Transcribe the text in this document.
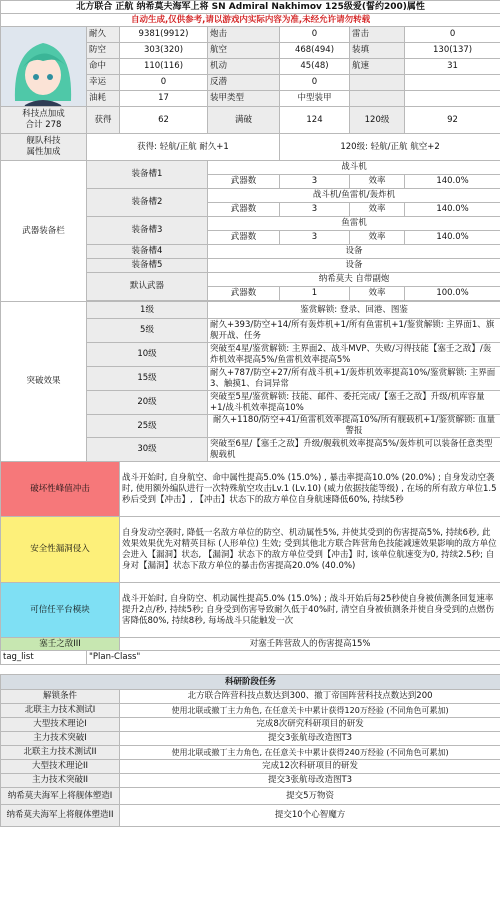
北方联合 正航 纳希莫夫海军上将 SN Admiral Nakhimov 125级爱(誓约200)属性						
自动生成,仅供参考,请以游戏内实际内容为准,未经允许请勿转载						

	耐久	9381(9912)	炮击	0	雷击	0
	防空	303(320)	航空	468(494)	装填	130(137)
	命中	110(116)	机动	45(48)	航速	31
	幸运	0	反潜	0		
	油耗	17	装甲类型	中型装甲		
科技点加成
合计 278	获得	62	满破	124	120级	92
舰队科技
属性加成	获得: 轻航/正航 耐久+1			120级: 轻航/正航 航空+2		
武器装备栏	装备槽1		战斗机			
			武器数	3	效率	140.0%
	装备槽2		战斗机/鱼雷机/轰炸机			
			武器数	3	效率	140.0%
	装备槽3		鱼雷机			
			武器数	3	效率	140.0%
	装备槽4		设备			
	装备槽5		设备			
	默认武器		纳希莫夫 自带副炮			
			武器数	1	效率	100.0%

突破效果	1级		鉴赏解锁: 登录、回港、图鉴			
	5级		耐久+393/防空+14/所有轰炸机+1/所有鱼雷机+1/鉴赏解锁: 主界面1、旗舰开战、任务			
	10级		突破至4星/鉴赏解锁: 主界面2、战斗MVP、失败/习得技能【塞壬之敌】/轰炸机效率提高5%/鱼雷机效率提高5%			
	15级		耐久+787/防空+27/所有战斗机+1/轰炸机效率提高10%/鉴赏解锁: 主界面3、触摸1、台词异常			
	20级		突破至5星/鉴赏解锁: 技能、邮件、委托完成/【塞壬之敌】升级/机库容量+1/战斗机效率提高10%			
	25级		耐久+1180/防空+41/鱼雷机效率提高10%/所有舰载机+1/鉴赏解锁: 血量警报			
	30级		突破至6星/【塞壬之敌】升级/舰载机效率提高5%/轰炸机可以装备任意类型舰载机			
破坏性峰值冲击		战斗开始时, 自身航空、命中属性提高5.0% (15.0%) , 暴击率提高10.0% (20.0%) ; 自身发动空袭时, 使用额外编队进行一次特殊航空攻击Lv.1 (Lv.10) (威力依据技能等级) , 在场的所有敌方单位1.5秒后受到【冲击】, 【冲击】状态下的敌方单位自身航速降低60%, 持续5秒				
安全性漏洞侵入		自身发动空袭时, 降低一名敌方单位的防空、机动属性5%, 并使其受到的伤害提高5%, 持续6秒, 此效果效果优先对精英目标 (人形单位) 生效; 受到其他北方联合阵营角色技能减速效果影响的敌方单位会进入【漏洞】状态, 【漏洞】状态下的敌方单位受到【冲击】时, 该单位航速变为0, 持续2.5秒; 自身对【漏洞】状态下敌方单位的暴击伤害提高20.0% (40.0%)				
可信任平台模块		战斗开始时, 自身防空、机动属性提高5.0% (15.0%) ; 战斗开始后每25秒使自身被侦测条回复速率提升2点/秒, 持续5秒; 自身受到伤害导致耐久低于40%时, 清空自身被侦测条并使自身受到的点燃伤害降低80%, 持续8秒, 每场战斗只能触发一次				
塞壬之敌III		对塞壬阵营敌人的伤害提高15%				
tag_list	"Plan-Class"					

科研阶段任务						
解锁条件		北方联合阵营科技点数达到300、撤丁帝国阵营科技点数达到200				
北联主力技术测试I		使用北联或撤丁主力角色, 在任意关卡中累计获得120万经验 (不同角色可累加)				
大型技术理论I		完成8次研究科研项目的研发				
主力技术突破I		提交3张航母改造图T3				
北联主力技术测试II		使用北联或撤丁主力角色, 在任意关卡中累计获得240万经验 (不同角色可累加)				
大型技术理论II		完成12次科研项目的研发				
主力技术突破II		提交3张航母改造图T3				
纳希莫夫海军上将舰体塑造I		提交5万物资				
纳希莫夫海军上将舰体塑造II		提交10个心智魔方				
